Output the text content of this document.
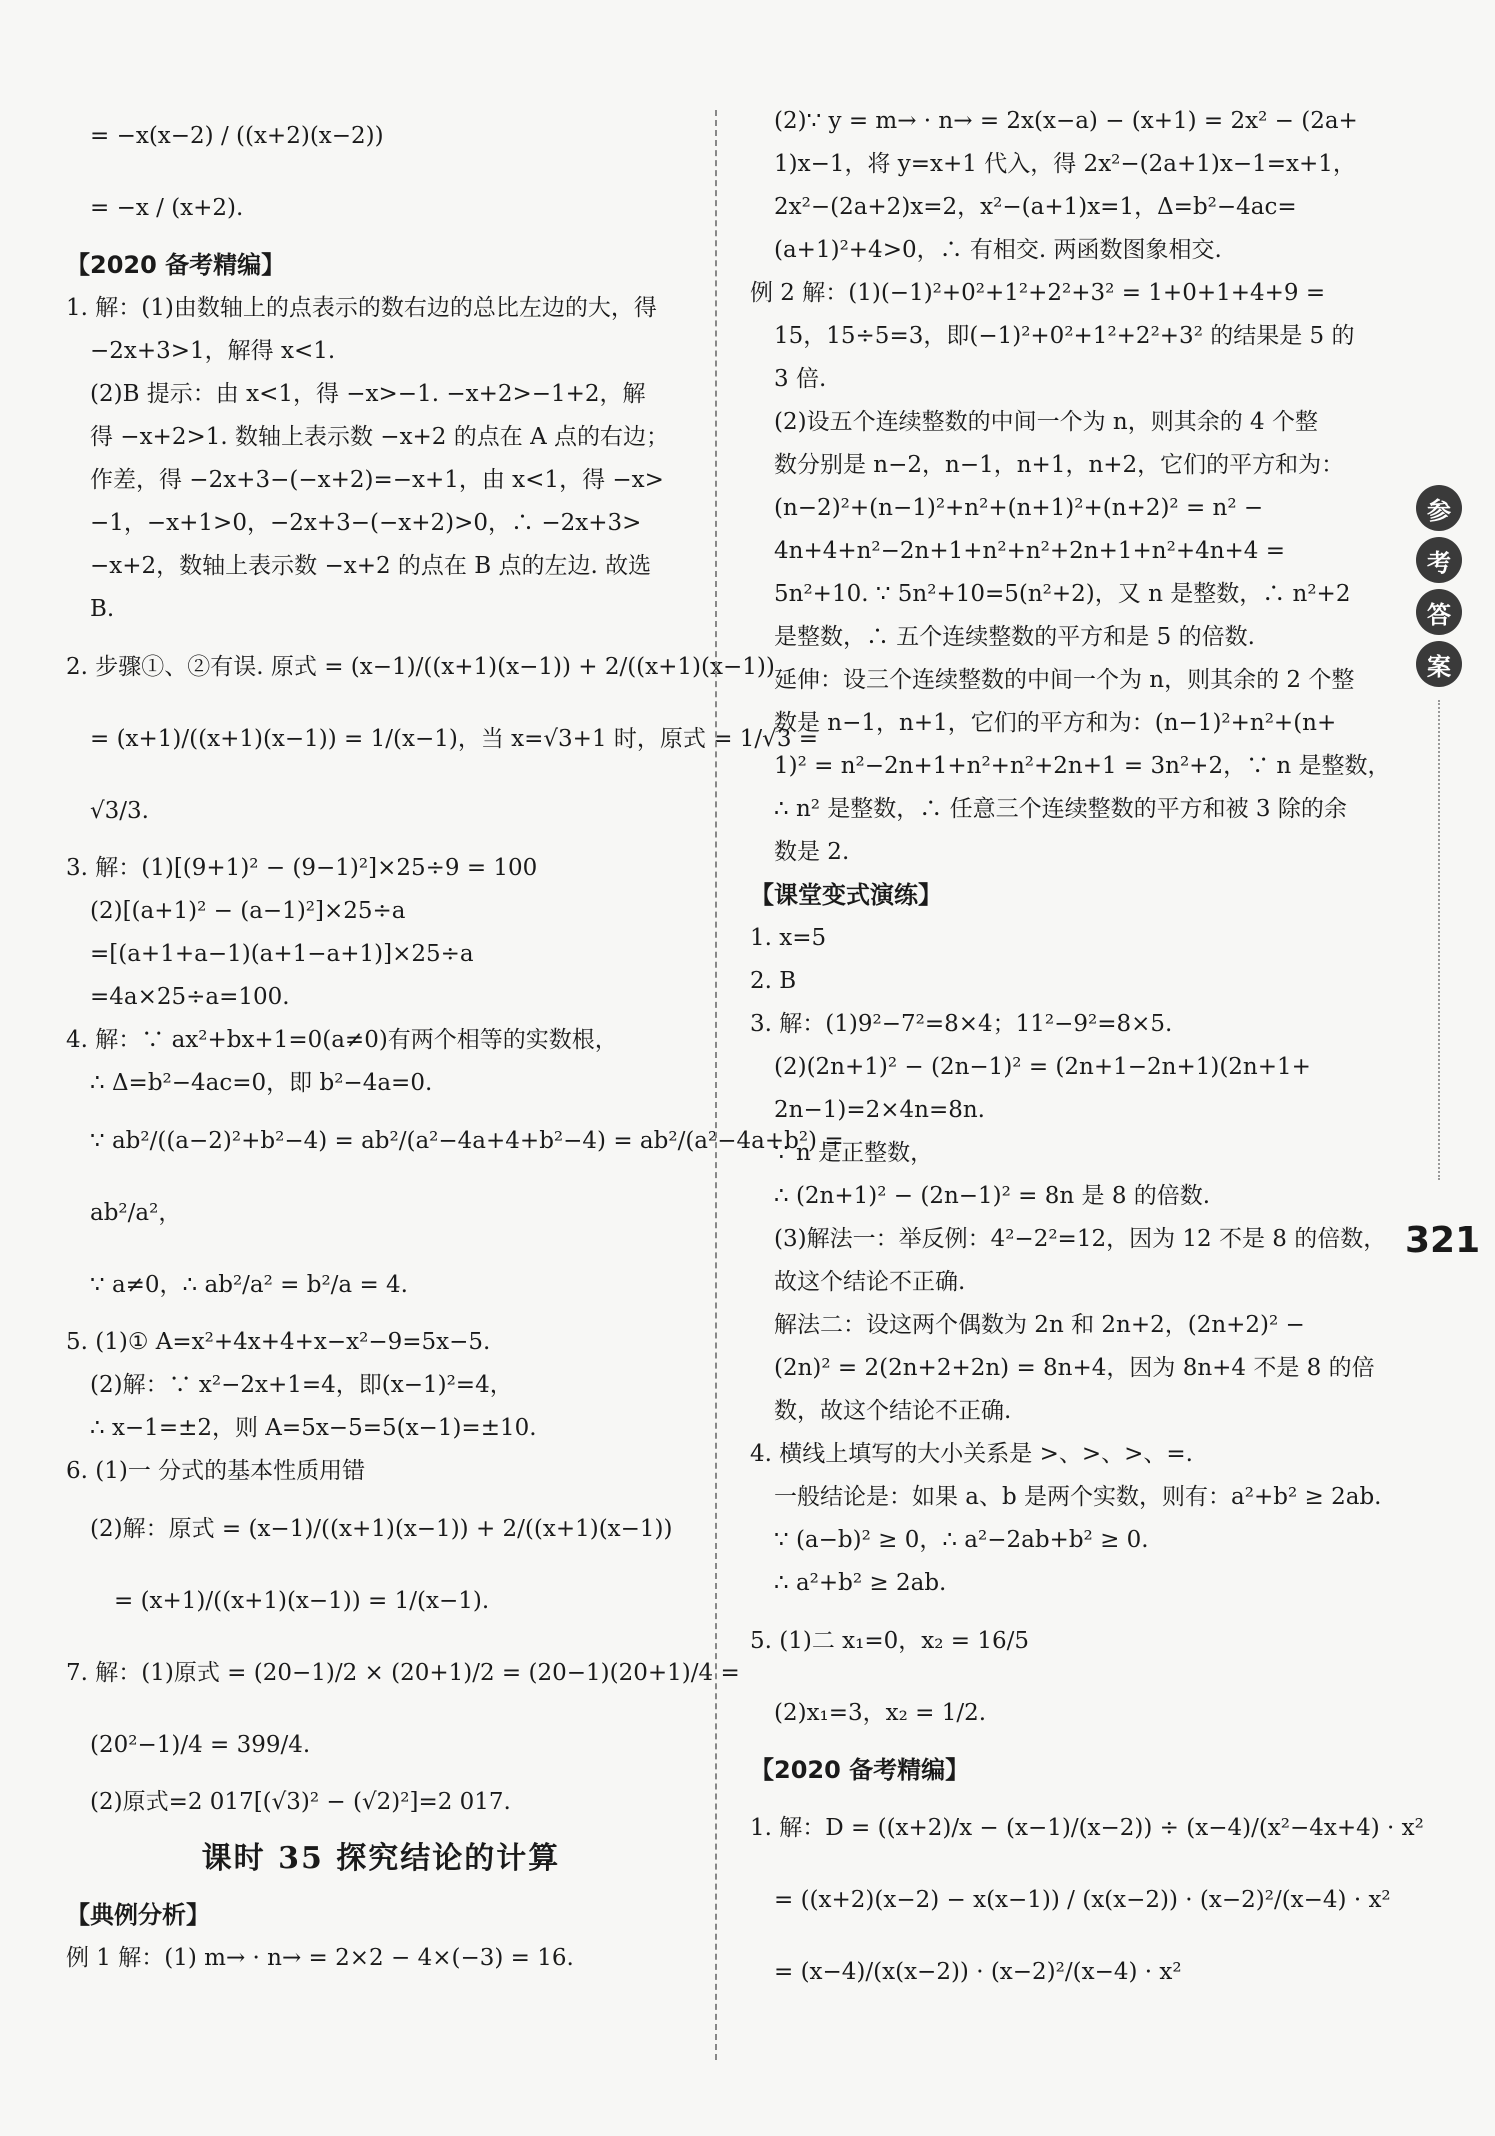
= −x(x−2) / ((x+2)(x−2))
= −x / (x+2).
【2020 备考精编】
1. 解：(1)由数轴上的点表示的数右边的总比左边的大，得
−2x+3>1，解得 x<1.
(2)B 提示：由 x<1，得 −x>−1. −x+2>−1+2，解
得 −x+2>1. 数轴上表示数 −x+2 的点在 A 点的右边；
作差，得 −2x+3−(−x+2)=−x+1，由 x<1，得 −x>
−1，−x+1>0，−2x+3−(−x+2)>0，∴ −2x+3>
−x+2，数轴上表示数 −x+2 的点在 B 点的左边. 故选
B.
2. 步骤①、②有误. 原式 = (x−1)/((x+1)(x−1)) + 2/((x+1)(x−1))
= (x+1)/((x+1)(x−1)) = 1/(x−1)，当 x=√3+1 时，原式 = 1/√3 =
√3/3.
3. 解：(1)[(9+1)² − (9−1)²]×25÷9 = 100
(2)[(a+1)² − (a−1)²]×25÷a
=[(a+1+a−1)(a+1−a+1)]×25÷a
=4a×25÷a=100.
4. 解：∵ ax²+bx+1=0(a≠0)有两个相等的实数根，
∴ Δ=b²−4ac=0，即 b²−4a=0.
∵ ab²/((a−2)²+b²−4) = ab²/(a²−4a+4+b²−4) = ab²/(a²−4a+b²) =
ab²/a²，
∵ a≠0，∴ ab²/a² = b²/a = 4.
5. (1)① A=x²+4x+4+x−x²−9=5x−5.
(2)解：∵ x²−2x+1=4，即(x−1)²=4，
∴ x−1=±2，则 A=5x−5=5(x−1)=±10.
6. (1)一 分式的基本性质用错
(2)解：原式 = (x−1)/((x+1)(x−1)) + 2/((x+1)(x−1))
= (x+1)/((x+1)(x−1)) = 1/(x−1).
7. 解：(1)原式 = (20−1)/2 × (20+1)/2 = (20−1)(20+1)/4 =
(20²−1)/4 = 399/4.
(2)原式=2 017[(√3)² − (√2)²]=2 017.
课时 35 探究结论的计算
【典例分析】
例 1 解：(1) m→ · n→ = 2×2 − 4×(−3) = 16.
(2)∵ y = m→ · n→ = 2x(x−a) − (x+1) = 2x² − (2a+
1)x−1，将 y=x+1 代入，得 2x²−(2a+1)x−1=x+1，
2x²−(2a+2)x=2，x²−(a+1)x=1，Δ=b²−4ac=
(a+1)²+4>0，∴ 有相交. 两函数图象相交.
例 2 解：(1)(−1)²+0²+1²+2²+3² = 1+0+1+4+9 =
15，15÷5=3，即(−1)²+0²+1²+2²+3² 的结果是 5 的
3 倍.
(2)设五个连续整数的中间一个为 n，则其余的 4 个整
数分别是 n−2，n−1，n+1，n+2，它们的平方和为：
(n−2)²+(n−1)²+n²+(n+1)²+(n+2)² = n² −
4n+4+n²−2n+1+n²+n²+2n+1+n²+4n+4 =
5n²+10. ∵ 5n²+10=5(n²+2)，又 n 是整数，∴ n²+2
是整数，∴ 五个连续整数的平方和是 5 的倍数.
延伸：设三个连续整数的中间一个为 n，则其余的 2 个整
数是 n−1，n+1，它们的平方和为：(n−1)²+n²+(n+
1)² = n²−2n+1+n²+n²+2n+1 = 3n²+2，∵ n 是整数，
∴ n² 是整数，∴ 任意三个连续整数的平方和被 3 除的余
数是 2.
【课堂变式演练】
1. x=5
2. B
3. 解：(1)9²−7²=8×4；11²−9²=8×5.
(2)(2n+1)² − (2n−1)² = (2n+1−2n+1)(2n+1+
2n−1)=2×4n=8n.
∵ n 是正整数，
∴ (2n+1)² − (2n−1)² = 8n 是 8 的倍数.
(3)解法一：举反例：4²−2²=12，因为 12 不是 8 的倍数，
故这个结论不正确.
解法二：设这两个偶数为 2n 和 2n+2，(2n+2)² −
(2n)² = 2(2n+2+2n) = 8n+4，因为 8n+4 不是 8 的倍
数，故这个结论不正确.
4. 横线上填写的大小关系是 >、>、>、=.
一般结论是：如果 a、b 是两个实数，则有：a²+b² ≥ 2ab.
∵ (a−b)² ≥ 0，∴ a²−2ab+b² ≥ 0.
∴ a²+b² ≥ 2ab.
5. (1)二 x₁=0，x₂ = 16/5
(2)x₁=3，x₂ = 1/2.
【2020 备考精编】
1. 解：D = ((x+2)/x − (x−1)/(x−2)) ÷ (x−4)/(x²−4x+4) · x²
= ((x+2)(x−2) − x(x−1)) / (x(x−2)) · (x−2)²/(x−4) · x²
= (x−4)/(x(x−2)) · (x−2)²/(x−4) · x²
参
考
答
案
321
